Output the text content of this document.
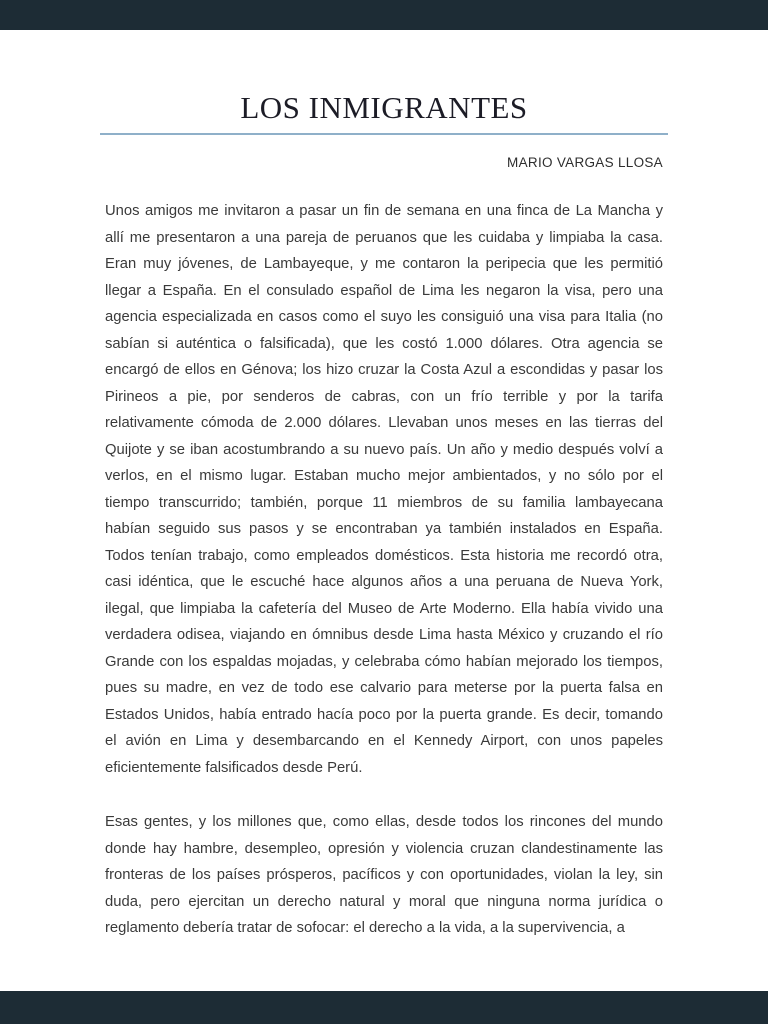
LOS INMIGRANTES
MARIO VARGAS LLOSA

Unos amigos me invitaron a pasar un fin de semana en una finca de La Mancha y allí me presentaron a una pareja de peruanos que les cuidaba y limpiaba la casa. Eran muy jóvenes, de Lambayeque, y me contaron la peripecia que les permitió llegar a España. En el consulado español de Lima les negaron la visa, pero una agencia especializada en casos como el suyo les consiguió una visa para Italia (no sabían si auténtica o falsificada), que les costó 1.000 dólares. Otra agencia se encargó de ellos en Génova; los hizo cruzar la Costa Azul a escondidas y pasar los Pirineos a pie, por senderos de cabras, con un frío terrible y por la tarifa relativamente cómoda de 2.000 dólares. Llevaban unos meses en las tierras del Quijote y se iban acostumbrando a su nuevo país. Un año y medio después volví a verlos, en el mismo lugar. Estaban mucho mejor ambientados, y no sólo por el tiempo transcurrido; también, porque 11 miembros de su familia lambayecana habían seguido sus pasos y se encontraban ya también instalados en España. Todos tenían trabajo, como empleados domésticos. Esta historia me recordó otra, casi idéntica, que le escuché hace algunos años a una peruana de Nueva York, ilegal, que limpiaba la cafetería del Museo de Arte Moderno. Ella había vivido una verdadera odisea, viajando en ómnibus desde Lima hasta México y cruzando el río Grande con los espaldas mojadas, y celebraba cómo habían mejorado los tiempos, pues su madre, en vez de todo ese calvario para meterse por la puerta falsa en Estados Unidos, había entrado hacía poco por la puerta grande. Es decir, tomando el avión en Lima y desembarcando en el Kennedy Airport, con unos papeles eficientemente falsificados desde Perú.

Esas gentes, y los millones que, como ellas, desde todos los rincones del mundo donde hay hambre, desempleo, opresión y violencia cruzan clandestinamente las fronteras de los países prósperos, pacíficos y con oportunidades, violan la ley, sin duda, pero ejercitan un derecho natural y moral que ninguna norma jurídica o reglamento debería tratar de sofocar: el derecho a la vida, a la supervivencia, a
